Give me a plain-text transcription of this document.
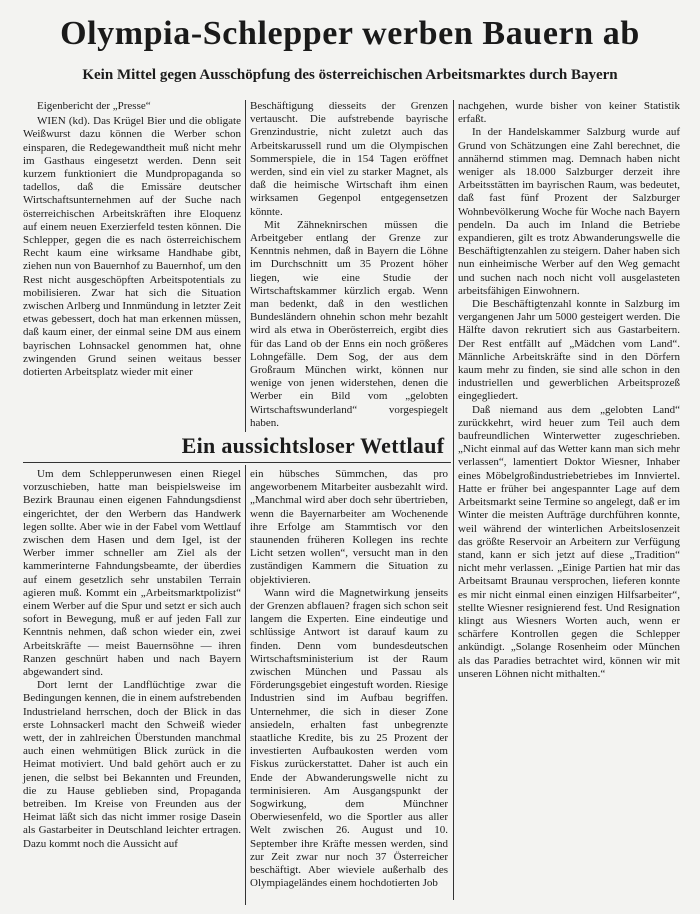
Olympia-Schlepper werben Bauern ab
Kein Mittel gegen Ausschöpfung des österreichischen Arbeitsmarktes durch Bayern

Eigenbericht der „Presse“

WIEN (kd). Das Krügel Bier und die obligate Weißwurst dazu können die Werber schon einsparen, die Redegewandtheit muß nicht mehr im Gasthaus eingesetzt werden. Denn seit kurzem funktioniert die Mundpropaganda so tadellos, daß die Emissäre deutscher Wirtschaftsunternehmen auf der Suche nach österreichischen Arbeitskräften ihre Eloquenz auf einem neuen Exerzierfeld testen können. Die Schlepper, gegen die es nach österreichischem Recht kaum eine wirksame Handhabe gibt, ziehen nun von Bauernhof zu Bauernhof, um den Rest nicht ausgeschöpften Arbeitspotentials zu mobilisieren. Zwar hat sich die Situation zwischen Arlberg und Innmündung in letzter Zeit etwas gebessert, doch hat man erkennen müssen, daß kaum einer, der einmal seine DM aus einem bayrischen Lohnsackel genommen hat, ohne zwingenden Grund seinen weitaus besser dotierten Arbeitsplatz wieder mit einer

Beschäftigung diesseits der Grenzen vertauscht. Die aufstrebende bayrische Grenzindustrie, nicht zuletzt auch das Arbeitskarussell rund um die Olympischen Sommerspiele, die in 154 Tagen eröffnet werden, sind ein viel zu starker Magnet, als daß die heimische Wirtschaft ihm einen wirksamen Gegenpol entgegensetzen könnte.

Mit Zähneknirschen müssen die Arbeitgeber entlang der Grenze zur Kenntnis nehmen, daß in Bayern die Löhne im Durchschnitt um 35 Prozent höher liegen, wie eine Studie der Wirtschaftskammer kürzlich ergab. Wenn man bedenkt, daß in den westlichen Bundesländern ohnehin schon mehr bezahlt wird als etwa in Oberösterreich, ergibt dies für das Land ob der Enns ein noch größeres Lohngefälle. Dem Sog, der aus dem Großraum München wirkt, können nur wenige von jenen widerstehen, denen die Werber ein Bild vom „gelobten Wirtschaftswunderland“ vorgespiegelt haben.

nachgehen, wurde bisher von keiner Statistik erfaßt.

In der Handelskammer Salzburg wurde auf Grund von Schätzungen eine Zahl berechnet, die annähernd stimmen mag. Demnach haben nicht weniger als 18.000 Salzburger derzeit ihre Arbeitsstätten im bayrischen Raum, was bedeutet, daß fast fünf Prozent der Salzburger Wohnbevölkerung Woche für Woche nach Bayern pendeln. Da auch im Inland die Betriebe expandieren, gilt es trotz Abwanderungswelle die Beschäftigtenzahlen zu steigern. Daher haben sich nun einheimische Werber auf den Weg gemacht und suchen nach noch nicht voll ausgelasteten arbeitsfähigen Einwohnern.

Die Beschäftigtenzahl konnte in Salzburg im vergangenen Jahr um 5000 gesteigert werden. Die Hälfte davon rekrutiert sich aus Gastarbeitern. Der Rest entfällt auf „Mädchen vom Land“. Männliche Arbeitskräfte sind in den Dörfern kaum mehr zu finden, sie sind alle schon in den industriellen und gewerblichen Arbeitsprozeß eingegliedert.

Daß niemand aus dem „gelobten Land“ zurückkehrt, wird heuer zum Teil auch dem baufreundlichen Winterwetter zugeschrieben. „Nicht einmal auf das Wetter kann man sich mehr verlassen“, lamentiert Doktor Wiesner, Inhaber eines Möbelgroßindustriebetriebes im Innviertel. Hatte er früher bei angespannter Lage auf dem Arbeitsmarkt seine Termine so angelegt, daß er im Winter die meisten Aufträge durchführen konnte, weil während der winterlichen Arbeitslosenzeit das größte Reservoir an Arbeitern zur Verfügung stand, kann er sich jetzt auf diese „Tradition“ nicht mehr verlassen. „Einige Partien hat mir das Arbeitsamt Braunau versprochen, lieferen konnte es mir nicht einmal einen einzigen Hilfsarbeiter“, stellte Wiesner resignierend fest. Und Resignation klingt aus Wiesners Worten auch, wenn er schärfere Kontrollen gegen die Schlepper ankündigt. „Solange Rosenheim oder München als das Paradies betrachtet wird, können wir mit unseren Löhnen nicht mithalten.“

Ein aussichtsloser Wettlauf

Um dem Schlepperunwesen einen Riegel vorzuschieben, hatte man beispielsweise im Bezirk Braunau einen eigenen Fahndungsdienst eingerichtet, der den Werbern das Handwerk legen sollte. Aber wie in der Fabel vom Wettlauf zwischen dem Hasen und dem Igel, ist der Werber immer schneller am Ziel als der kammerinterne Fahndungsbeamte, der überdies auf einem gesetzlich sehr unstabilen Terrain agieren muß. Kommt ein „Arbeitsmarktpolizist“ einem Werber auf die Spur und setzt er sich auch sofort in Bewegung, muß er auf jeden Fall zur Kenntnis nehmen, daß schon wieder ein, zwei Arbeitskräfte — meist Bauernsöhne — ihren Ranzen geschnürt haben und nach Bayern abgewandert sind.

Dort lernt der Landflüchtige zwar die Bedingungen kennen, die in einem aufstrebenden Industrieland herrschen, doch der Blick in das erste Lohnsackerl macht den Schweiß wieder wett, der in zahlreichen Überstunden manchmal auch einen wehmütigen Blick zurück in die Heimat motiviert. Und bald gehört auch er zu jenen, die selbst bei Bekannten und Freunden, die zu Hause geblieben sind, Propaganda betreiben. Im Kreise von Freunden aus der Heimat läßt sich das nicht immer rosige Dasein als Gastarbeiter in Deutschland leichter ertragen. Dazu kommt noch die Aussicht auf

ein hübsches Sümmchen, das pro angeworbenem Mitarbeiter ausbezahlt wird. „Manchmal wird aber doch sehr übertrieben, wenn die Bayernarbeiter am Wochenende ihre Erfolge am Stammtisch vor den staunenden früheren Kollegen ins rechte Licht setzen wollen“, versucht man in den zuständigen Kammern die Situation zu objektivieren.

Wann wird die Magnetwirkung jenseits der Grenzen abflauen? fragen sich schon seit langem die Experten. Eine eindeutige und schlüssige Antwort ist darauf kaum zu finden. Denn vom bundesdeutschen Wirtschaftsministerium ist der Raum zwischen München und Passau als Förderungsgebiet eingestuft worden. Riesige Industrien sind im Aufbau begriffen. Unternehmer, die sich in dieser Zone ansiedeln, erhalten fast unbegrenzte staatliche Kredite, bis zu 25 Prozent der investierten Aufbaukosten werden vom Fiskus zurückerstattet. Daher ist auch ein Ende der Abwanderungswelle nicht zu terminisieren. Am Ausgangspunkt der Sogwirkung, dem Münchner Oberwiesenfeld, wo die Sportler aus aller Welt zwischen 26. August und 10. September ihre Kräfte messen werden, sind zur Zeit zwar nur noch 37 Österreicher beschäftigt. Aber wieviele außerhalb des Olympiageländes einem hochdotierten Job
